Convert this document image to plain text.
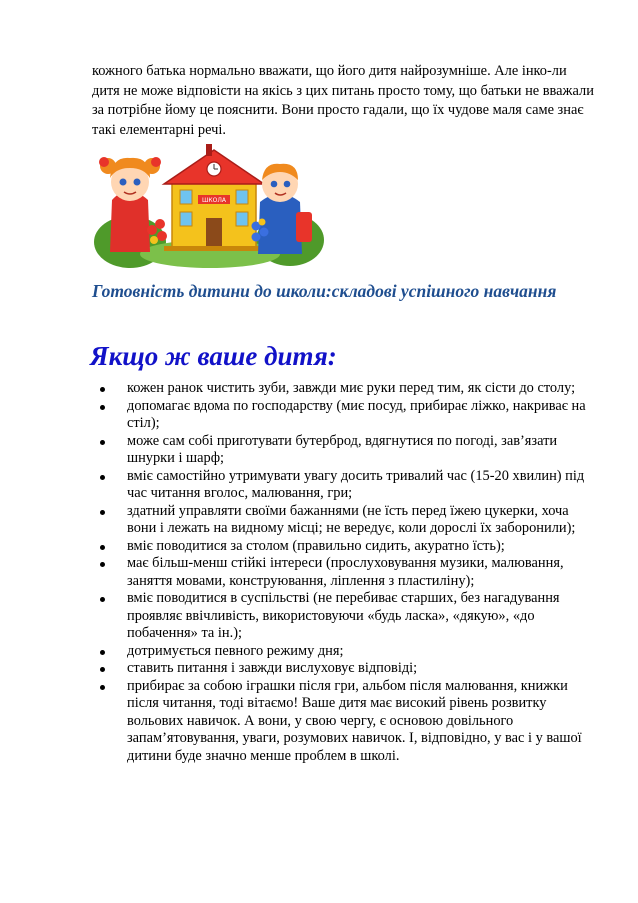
кожного батька нормально вважати, що його дитя найрозумніше. Але інко-ли дитя не може відповісти на якісь з цих питань просто тому, що батьки не вважали за потрібне йому це пояснити. Вони просто гадали, що їх чудове маля саме знає такі елементарні речі.

ШКОЛА
Готовність дитини до школи:складові успішного навчання
Якщо ж ваше дитя:
кожен ранок чистить зуби, завжди миє руки перед тим, як сісти до столу;
допомагає вдома по господарству (миє посуд, прибирає ліжко, накриває на стіл);
може сам собі приготувати бутерброд, вдягнутися по погоді, зав’язати шнурки і шарф;
вміє самостійно утримувати увагу досить тривалий час (15-20 хвилин) під час читання вголос, малювання, гри;
здатний управляти своїми бажаннями (не їсть перед їжею цукерки, хоча вони і лежать на видному місці; не вередує, коли дорослі їх заборонили);
вміє поводитися за столом (правильно сидить, акуратно їсть);
має більш-менш стійкі інтереси (прослуховування музики, малювання, заняття мовами, конструювання, ліплення з пластиліну);
вміє поводитися в суспільстві (не перебиває старших, без нагадування проявляє ввічливість, використовуючи «будь ласка», «дякую», «до побачення» та ін.);
дотримується певного режиму дня;
ставить питання і завжди вислуховує відповіді;
прибирає за собою іграшки після гри, альбом після малювання, книжки після читання, тоді вітаємо! Ваше дитя має високий рівень розвитку вольових навичок. А вони, у свою чергу, є основою довільного запам’ятовування, уваги, розумових навичок. І, відповідно, у вас і у вашої дитини буде значно менше проблем в школі.
